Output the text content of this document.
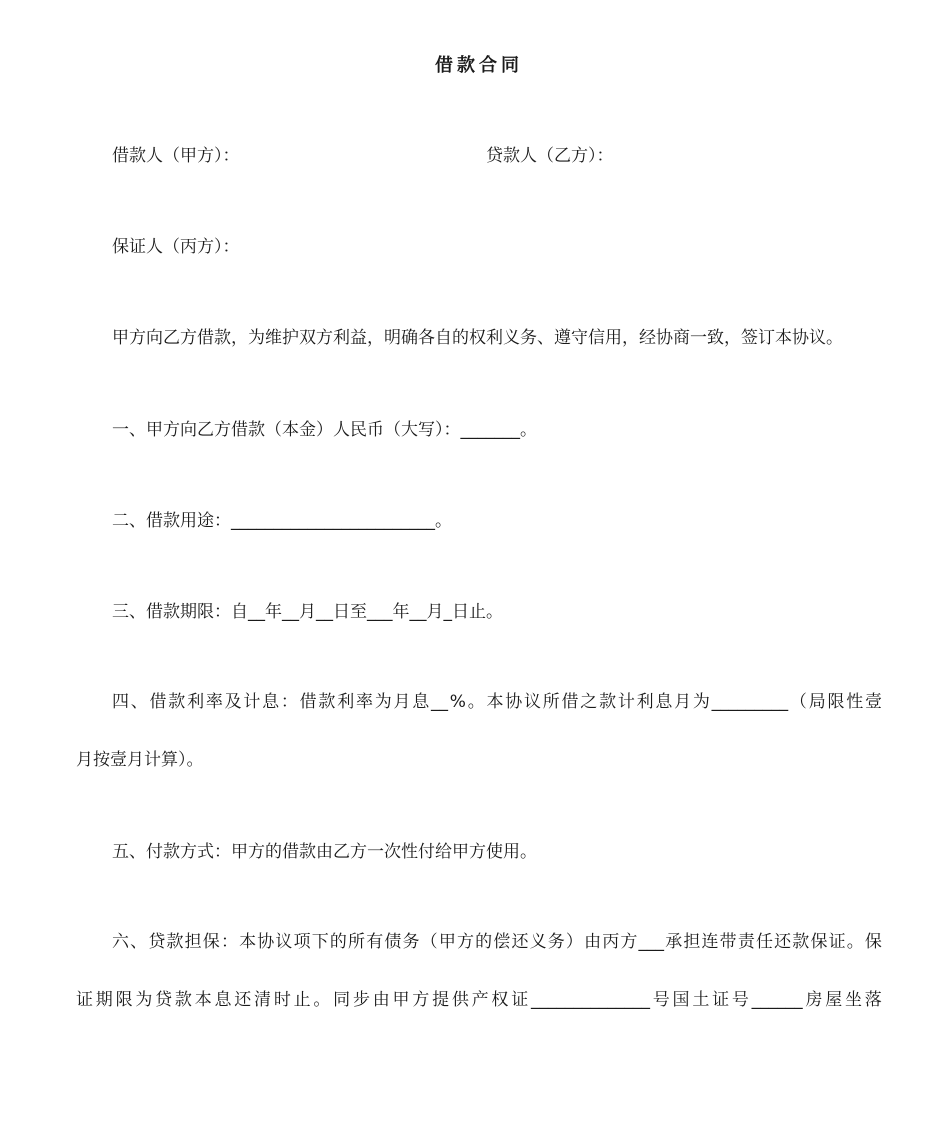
借款合同
借款人（甲方）：	贷款人（乙方）：
保证人（丙方）：
甲方向乙方借款，为维护双方利益，明确各自的权利义务、遵守信用，经协商一致，签订本协议。
一、甲方向乙方借款（本金）人民币（大写）：_______。
二、借款用途：________________________。
三、借款期限：自__年__月__日至___年__月_日止。
四 、 借 款 利 率 及 计 息 ： 借 款 利 率 为 月 息 __ % 。 本 协 议 所 借 之 款 计 利 息 月 为 _________ （ 局 限 性 壹
月按壹月计算）。
五、付款方式：甲方的借款由乙方一次性付给甲方使用。
六 、 贷 款 担 保 ： 本 协 议 项 下 的 所 有 债 务 （ 甲 方 的 偿 还 义 务 ） 由 丙 方 ___ 承 担 连 带 责 任 还 款 保 证 。 保
证 期 限 为 贷 款 本 息 还 清 时 止 。 同 步 由 甲 方 提 供 产 权 证 ______________ 号 国 土 证 号 ______ 房 屋 坐 落
